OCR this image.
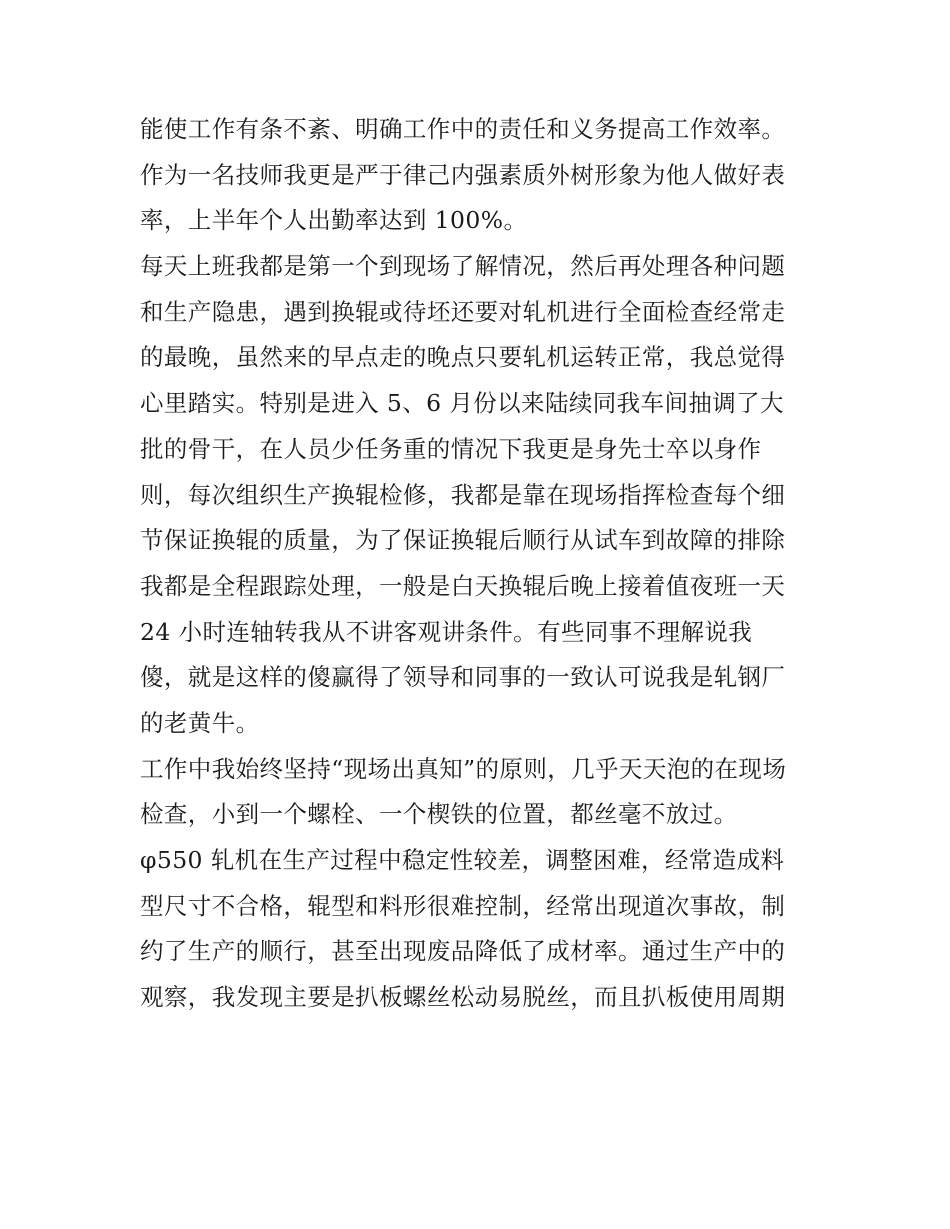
能使工作有条不紊、明确工作中的责任和义务提高工作效率。
作为一名技师我更是严于律己内强素质外树形象为他人做好表
率，上半年个人出勤率达到 100%。
每天上班我都是第一个到现场了解情况，然后再处理各种问题
和生产隐患，遇到换辊或待坯还要对轧机进行全面检查经常走
的最晚，虽然来的早点走的晚点只要轧机运转正常，我总觉得
心里踏实。特别是进入 5、6 月份以来陆续同我车间抽调了大
批的骨干，在人员少任务重的情况下我更是身先士卒以身作
则，每次组织生产换辊检修，我都是靠在现场指挥检查每个细
节保证换辊的质量，为了保证换辊后顺行从试车到故障的排除
我都是全程跟踪处理，一般是白天换辊后晚上接着值夜班一天
24 小时连轴转我从不讲客观讲条件。有些同事不理解说我
傻，就是这样的傻赢得了领导和同事的一致认可说我是轧钢厂
的老黄牛。
工作中我始终坚持“现场出真知”的原则，几乎天天泡的在现场
检查，小到一个螺栓、一个楔铁的位置，都丝毫不放过。
φ550 轧机在生产过程中稳定性较差，调整困难，经常造成料
型尺寸不合格，辊型和料形很难控制，经常出现道次事故，制
约了生产的顺行，甚至出现废品降低了成材率。通过生产中的
观察，我发现主要是扒板螺丝松动易脱丝，而且扒板使用周期
